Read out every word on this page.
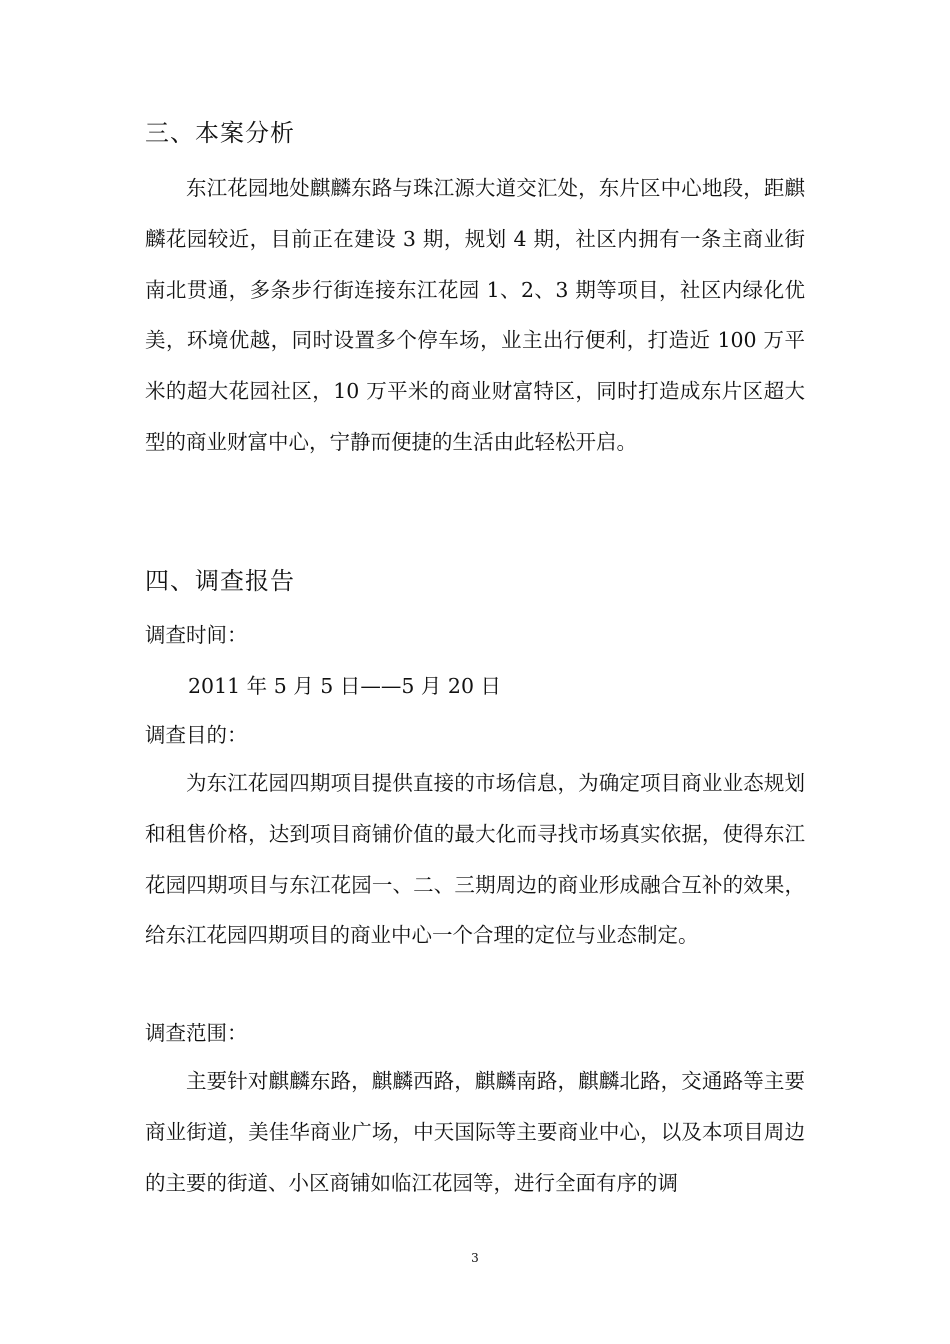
三、本案分析
东江花园地处麒麟东路与珠江源大道交汇处，东片区中心地段，距麒麟花园较近，目前正在建设 3 期，规划 4 期，社区内拥有一条主商业街南北贯通，多条步行街连接东江花园 1、2、3 期等项目，社区内绿化优美，环境优越，同时设置多个停车场，业主出行便利，打造近 100 万平米的超大花园社区，10 万平米的商业财富特区，同时打造成东片区超大型的商业财富中心，宁静而便捷的生活由此轻松开启。
四、调查报告
调查时间：
2011 年 5 月 5 日——5 月 20 日
调查目的：
为东江花园四期项目提供直接的市场信息，为确定项目商业业态规划和租售价格，达到项目商铺价值的最大化而寻找市场真实依据，使得东江花园四期项目与东江花园一、二、三期周边的商业形成融合互补的效果，给东江花园四期项目的商业中心一个合理的定位与业态制定。
调查范围：
主要针对麒麟东路，麒麟西路，麒麟南路，麒麟北路，交通路等主要商业街道，美佳华商业广场，中天国际等主要商业中心，以及本项目周边的主要的街道、小区商铺如临江花园等，进行全面有序的调
3
